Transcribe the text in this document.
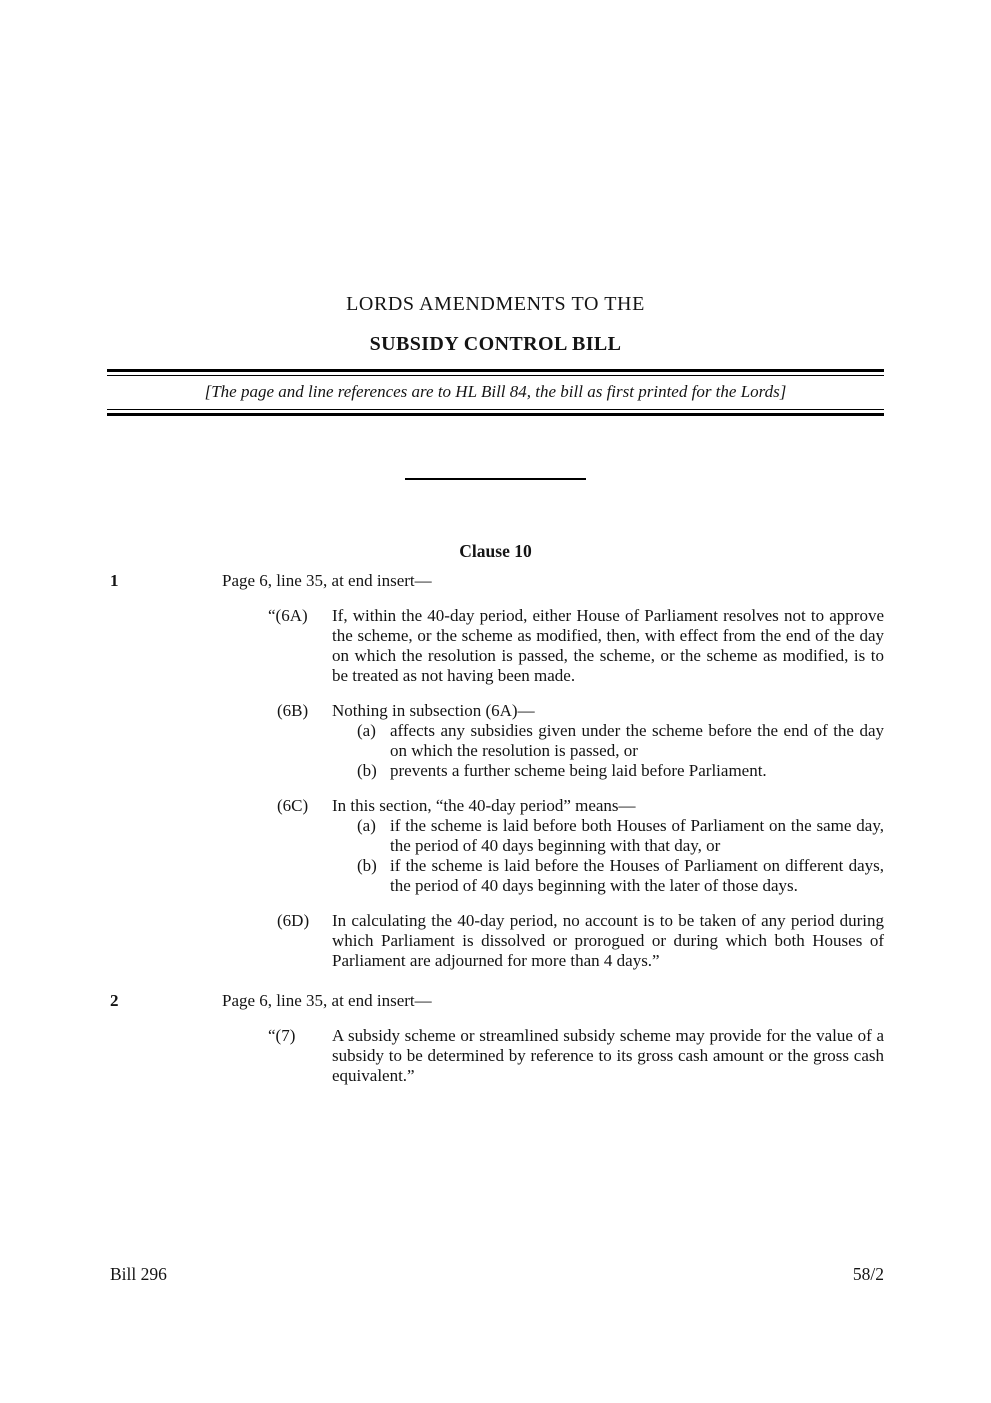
LORDS AMENDMENTS TO THE
SUBSIDY CONTROL BILL
[The page and line references are to HL Bill 84, the bill as first printed for the Lords]
Clause 10
1	Page 6, line 35, at end insert—
“(6A)	If, within the 40-day period, either House of Parliament resolves not to approve the scheme, or the scheme as modified, then, with effect from the end of the day on which the resolution is passed, the scheme, or the scheme as modified, is to be treated as not having been made.
(6B)	Nothing in subsection (6A)—
(a) affects any subsidies given under the scheme before the end of the day on which the resolution is passed, or
(b) prevents a further scheme being laid before Parliament.
(6C)	In this section, “the 40-day period” means—
(a) if the scheme is laid before both Houses of Parliament on the same day, the period of 40 days beginning with that day, or
(b) if the scheme is laid before the Houses of Parliament on different days, the period of 40 days beginning with the later of those days.
(6D)	In calculating the 40-day period, no account is to be taken of any period during which Parliament is dissolved or prorogued or during which both Houses of Parliament are adjourned for more than 4 days.”
2	Page 6, line 35, at end insert—
“(7)	A subsidy scheme or streamlined subsidy scheme may provide for the value of a subsidy to be determined by reference to its gross cash amount or the gross cash equivalent.”
Bill 296	58/2
